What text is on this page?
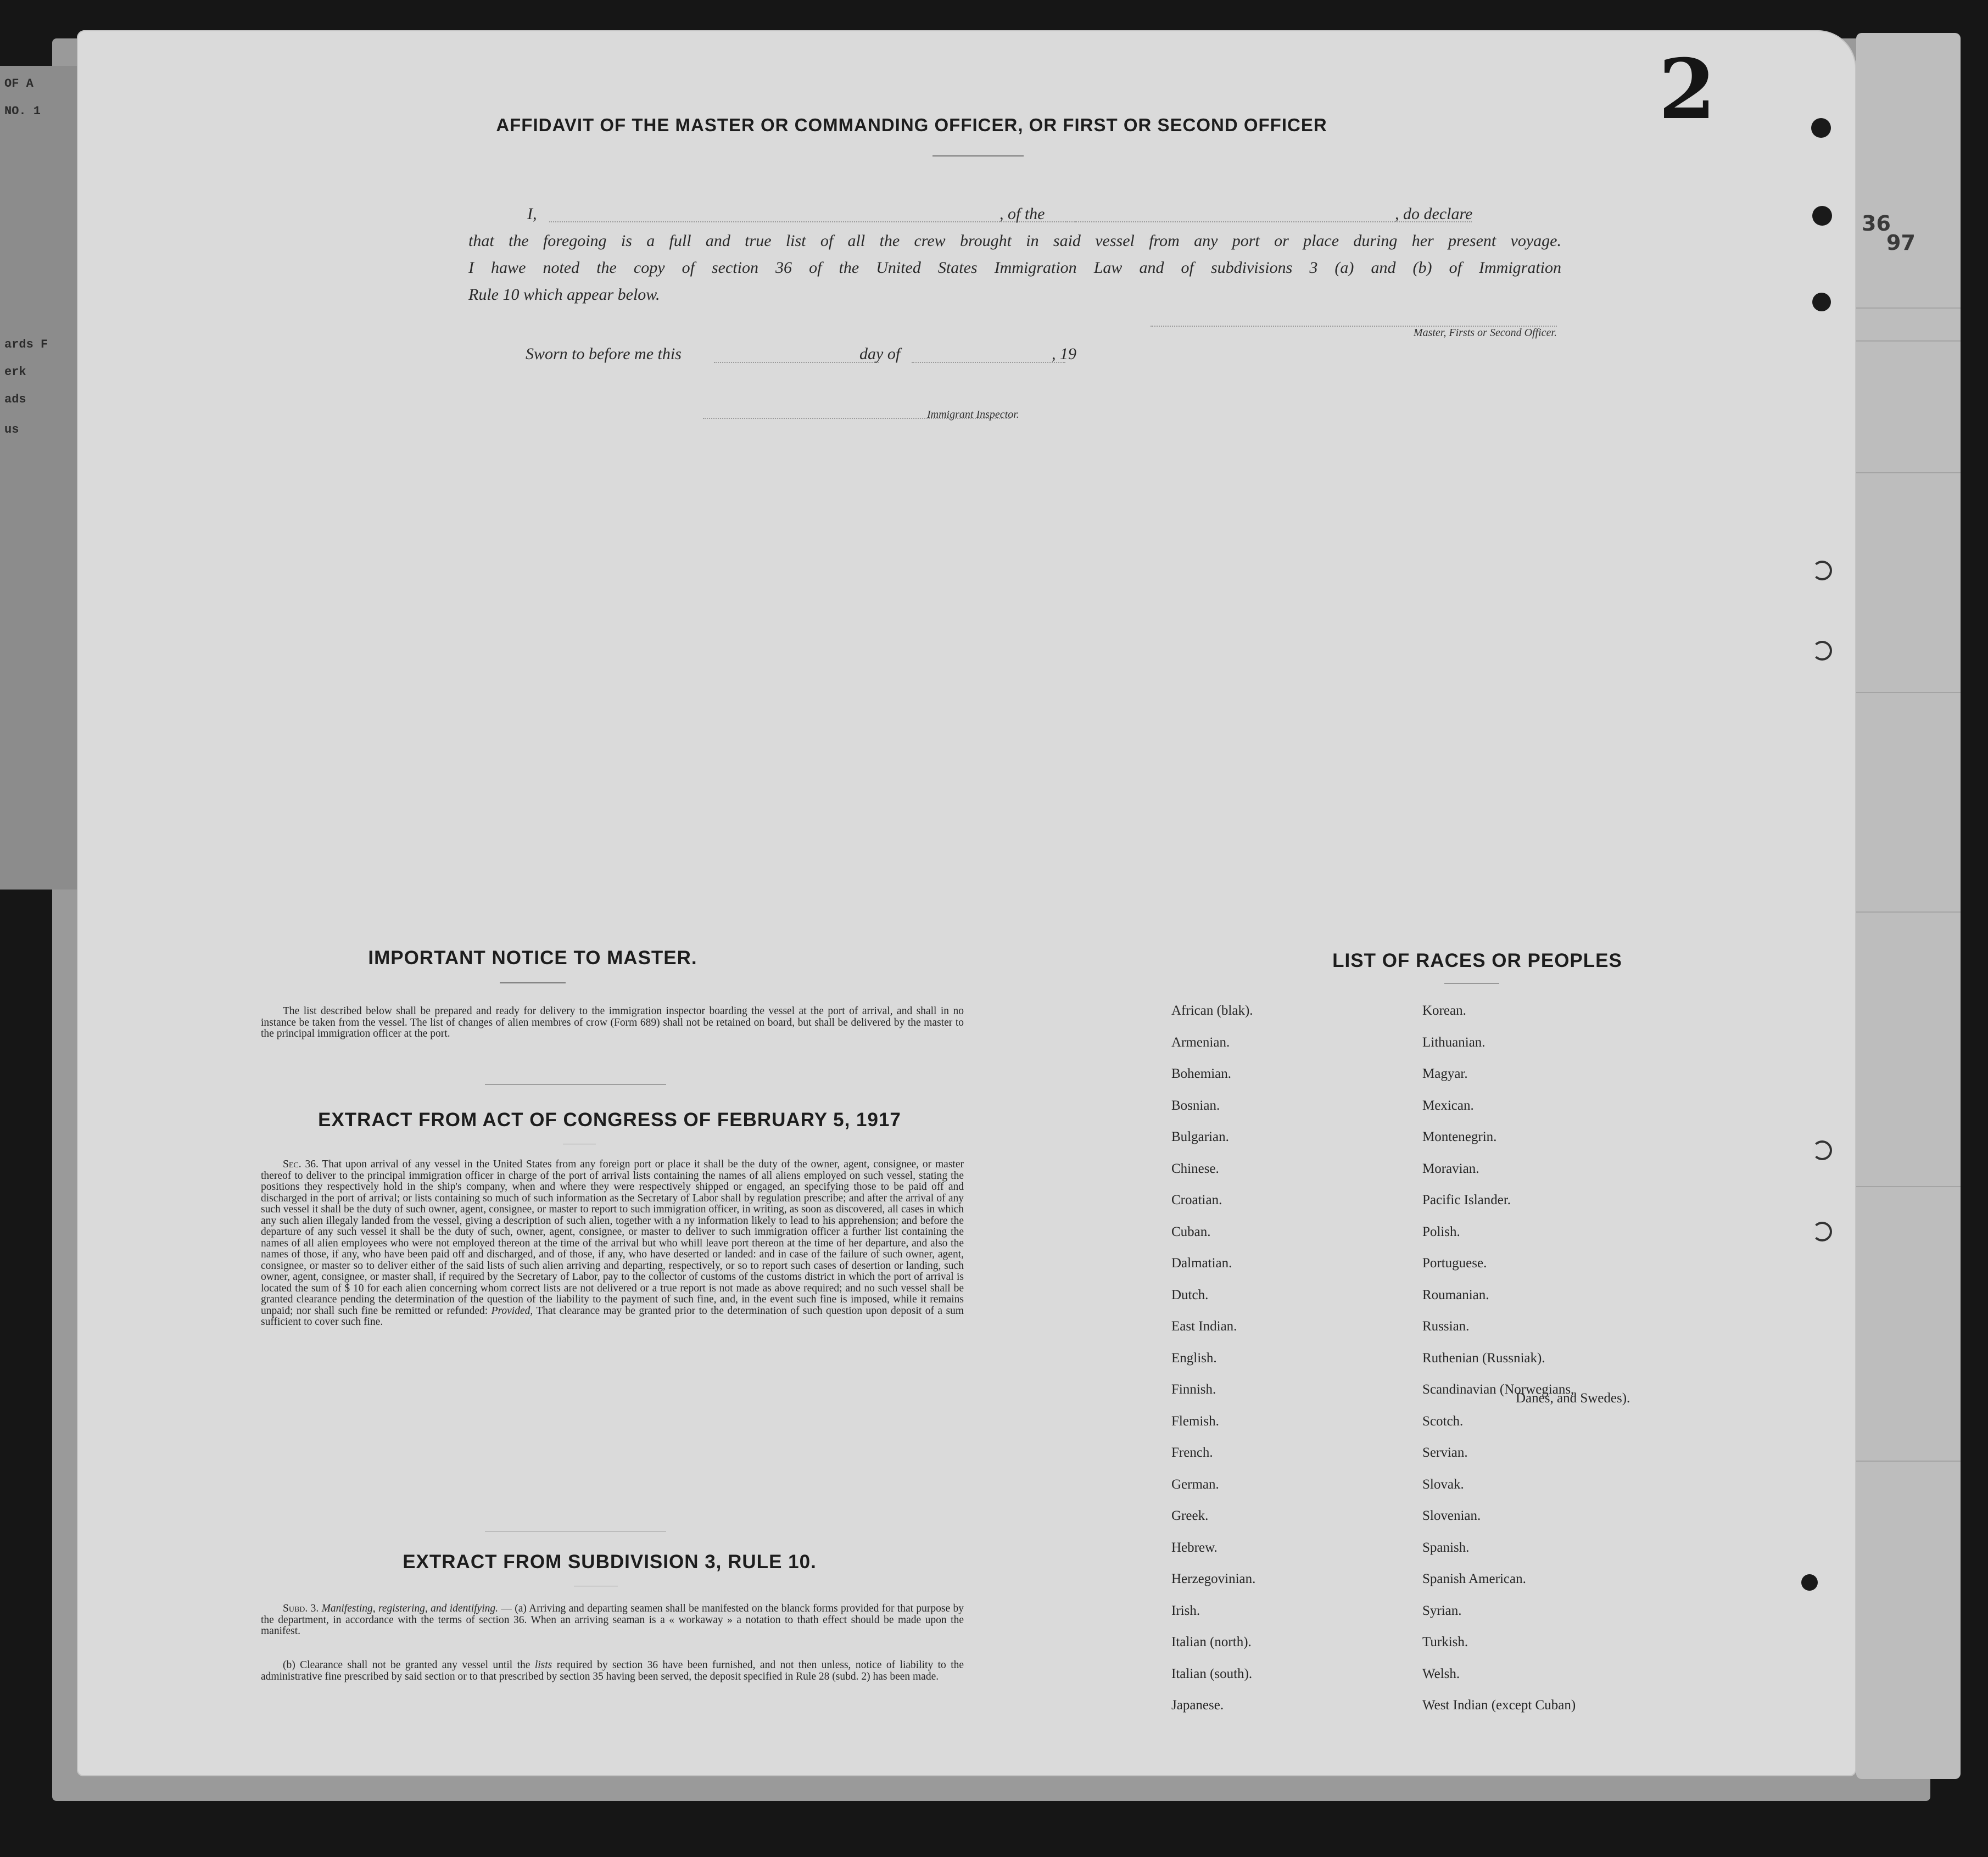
OF A
NO. 1
ards F
erk
ads
us
36
97
2
AFFIDAVIT OF THE MASTER OR COMMANDING OFFICER, OR FIRST OR SECOND OFFICER
I,	, of the	, do declare
that the foregoing is a full and true list of all the crew brought in said vessel from any port or place during her present voyage.
I hawe noted the copy of section 36 of the United States Immigration Law and of subdivisions 3 (a) and (b) of Immigration
Rule 10 which appear below.
Master, Firsts or Second Officer.
Sworn to before me this	day of	, 19
Immigrant Inspector.
IMPORTANT NOTICE TO MASTER.
The list described below shall be prepared and ready for delivery to the immigration inspector boarding the vessel at the port of arrival, and shall in no instance be taken from the vessel. The list of changes of alien membres of crow (Form 689) shall not be retained on board, but shall be delivered by the master to the principal immigration officer at the port.
EXTRACT FROM ACT OF CONGRESS OF FEBRUARY 5, 1917

Sec. 36. That upon arrival of any vessel in the United States from any foreign port or place it shall be the duty of the owner, agent, consignee, or master thereof to deliver to the principal immigration officer in charge of the port of arrival lists containing the names of all aliens employed on such vessel, stating the positions they respectively hold in the ship's company, when and where they were respectively shipped or engaged, an specifying those to be paid off and discharged in the port of arrival; or lists containing so much of such information as the Secretary of Labor shall by regulation prescribe; and after the arrival of any such vessel it shall be the duty of such owner, agent, consignee, or master to report to such immigration officer, in writing, as soon as discovered, all cases in which any such alien illegaly landed from the vessel, giving a description of such alien, together with a ny information likely to lead to his apprehension; and before the departure of any such vessel it shall be the duty of such, owner, agent, consignee, or master to deliver to such immigration officer a further list containing the names of all alien employees who were not employed thereon at the time of the arrival but who whill leave port thereon at the time of her departure, and also the names of those, if any, who have been paid off and discharged, and of those, if any, who have deserted or landed: and in case of the failure of such owner, agent, consignee, or master so to deliver either of the said lists of such alien arriving and departing, respectively, or so to report such cases of desertion or landing, such owner, agent, consignee, or master shall, if required by the Secretary of Labor, pay to the collector of customs of the customs district in which the port of arrival is located the sum of $ 10 for each alien concerning whom correct lists are not delivered or a true report is not made as above required; and no such vessel shall be granted clearance pending the determination of the question of the liability to the payment of such fine, and, in the event such fine is imposed, while it remains unpaid; nor shall such fine be remitted or refunded: Provided, That clearance may be granted prior to the determination of such question upon deposit of a sum sufficient to cover such fine.

EXTRACT FROM SUBDIVISION 3, RULE 10.

Subd. 3. Manifesting, registering, and identifying. — (a) Arriving and departing seamen shall be manifested on the blanck forms provided for that purpose by the department, in accordance with the terms of section 36. When an arriving seaman is a « workaway » a notation to thath effect should be made upon the manifest.

(b) Clearance shall not be granted any vessel until the lists required by section 36 have been furnished, and not then unless, notice of liability to the administrative fine prescribed by said section or to that prescribed by section 35 having been served, the deposit specified in Rule 28 (subd. 2) has been made.

LIST OF RACES OR PEOPLES
African (blak).
Armenian.
Bohemian.
Bosnian.
Bulgarian.
Chinese.
Croatian.
Cuban.
Dalmatian.
Dutch.
East Indian.
English.
Finnish.
Flemish.
French.
German.
Greek.
Hebrew.
Herzegovinian.
Irish.
Italian (north).
Italian (south).
Japanese.
Korean.
Lithuanian.
Magyar.
Mexican.
Montenegrin.
Moravian.
Pacific Islander.
Polish.
Portuguese.
Roumanian.
Russian.
Ruthenian (Russniak).
Scandinavian (Norwegians,
Scotch.
Servian.
Slovak.
Slovenian.
Spanish.
Spanish American.
Syrian.
Turkish.
Welsh.
West Indian (except Cuban)
Danes, and Swedes).
